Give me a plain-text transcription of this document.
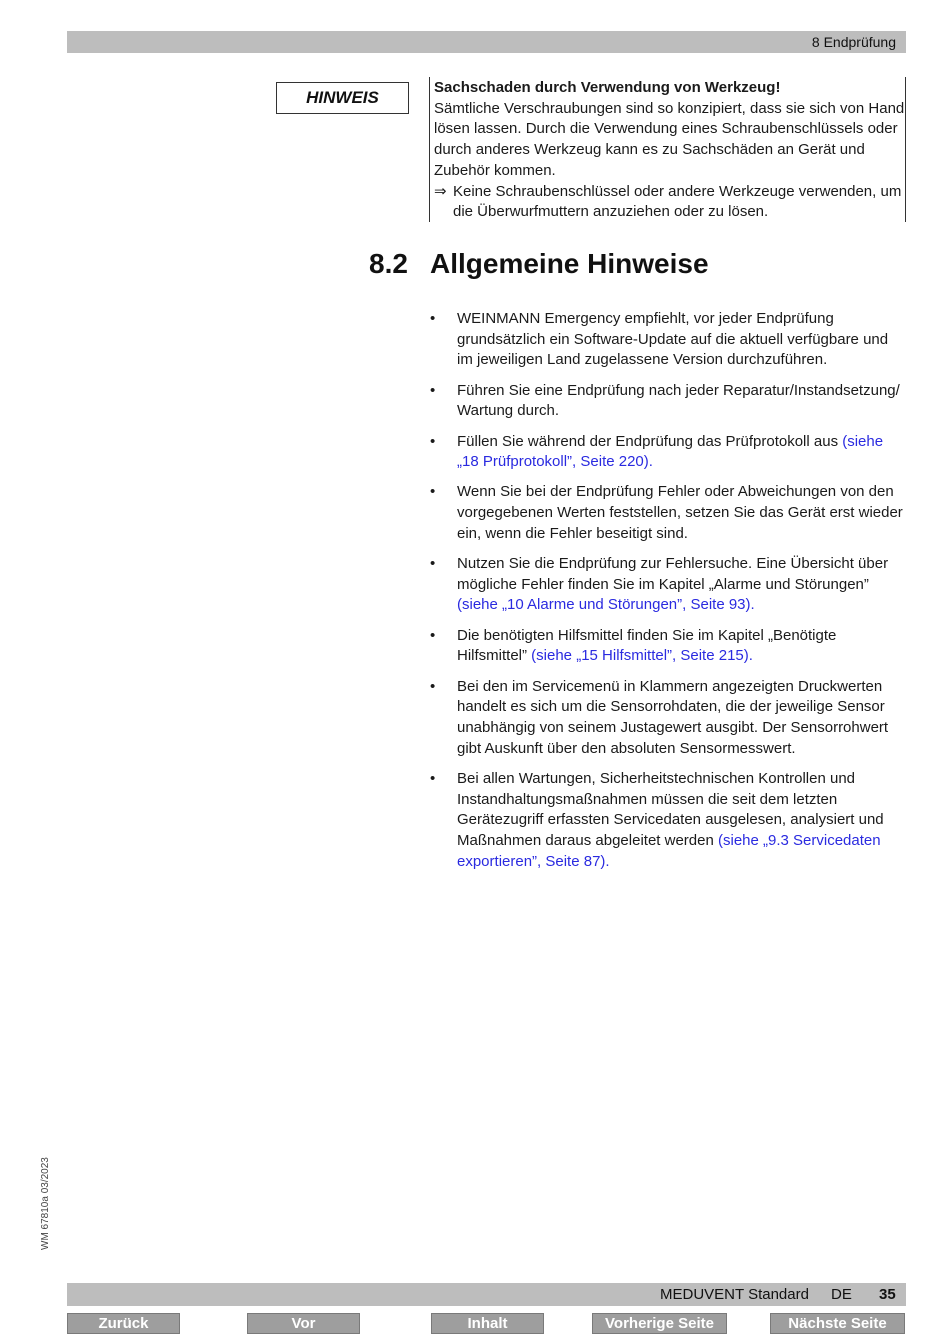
8 Endprüfung
HINWEIS
Sachschaden durch Verwendung von Werkzeug!
Sämtliche Verschraubungen sind so konzipiert, dass sie sich von Hand lösen lassen. Durch die Verwendung eines Schraubenschlüssels oder durch anderes Werkzeug kann es zu Sachschäden an Gerät und Zubehör kommen.
⇒ Keine Schraubenschlüssel oder andere Werkzeuge verwenden, um die Überwurfmuttern anzuziehen oder zu lösen.
8.2 Allgemeine Hinweise
• WEINMANN Emergency empfiehlt, vor jeder Endprüfung grundsätzlich ein Software-Update auf die aktuell verfügbare und im jeweiligen Land zugelassene Version durchzuführen.
• Führen Sie eine Endprüfung nach jeder Reparatur/Instandsetzung/ Wartung durch.
• Füllen Sie während der Endprüfung das Prüfprotokoll aus (siehe „18 Prüfprotokoll”, Seite 220).
• Wenn Sie bei der Endprüfung Fehler oder Abweichungen von den vorgegebenen Werten feststellen, setzen Sie das Gerät erst wieder ein, wenn die Fehler beseitigt sind.
• Nutzen Sie die Endprüfung zur Fehlersuche. Eine Übersicht über mögliche Fehler finden Sie im Kapitel „Alarme und Störungen” (siehe „10 Alarme und Störungen”, Seite 93).
• Die benötigten Hilfsmittel finden Sie im Kapitel „Benötigte Hilfsmittel” (siehe „15 Hilfsmittel”, Seite 215).
• Bei den im Servicemenü in Klammern angezeigten Druckwerten handelt es sich um die Sensorrohdaten, die der jeweilige Sensor unabhängig von seinem Justagewert ausgibt. Der Sensorrohwert gibt Auskunft über den absoluten Sensormesswert.
• Bei allen Wartungen, Sicherheitstechnischen Kontrollen und Instandhaltungsmaßnahmen müssen die seit dem letzten Gerätezugriff erfassten Servicedaten ausgelesen, analysiert und Maßnahmen daraus abgeleitet werden (siehe „9.3 Servicedaten exportieren”, Seite 87).
WM 67810a 03/2023
MEDUVENT Standard DE 35
Zurück	Vor	Inhalt	Vorherige Seite	Nächste Seite
